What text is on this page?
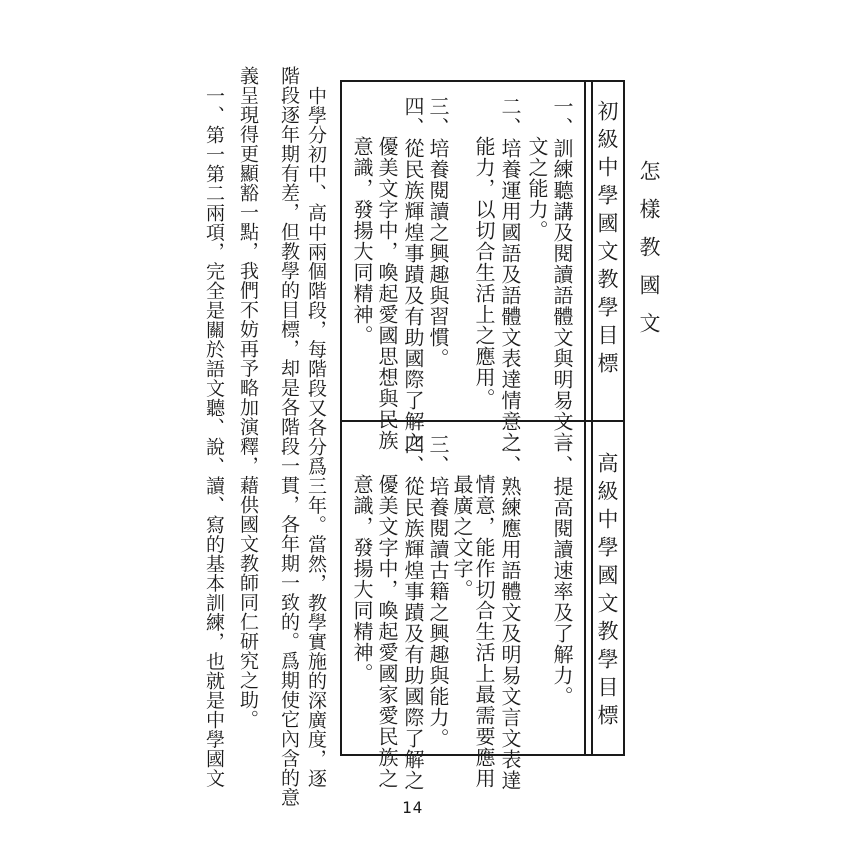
怎樣教國文
初級中學國文教學目標
一、訓練聽講及閱讀語體文與明易文言
文之能力。
二、培養運用國語及語體文表達情意之
能力，以切合生活上之應用。
三、培養閱讀之興趣與習慣。
四、從民族輝煌事蹟及有助國際了解之
優美文字中，喚起愛國思想與民族
意識，發揚大同精神。
高級中學國文教學目標
一、提高閱讀速率及了解力。
二、熟練應用語體文及明易文言文表達
情意，能作切合生活上最需要應用
最廣之文字。
三、培養閱讀古籍之興趣與能力。
四、從民族輝煌事蹟及有助國際了解之
優美文字中，喚起愛國家愛民族之
意識，發揚大同精神。
中學分初中、高中兩個階段，每階段又各分爲三年。當然，教學實施的深廣度，逐
階段逐年期有差，但教學的目標，却是各階段一貫，各年期一致的。爲期使它內含的意
義呈現得更顯豁一點，我們不妨再予略加演釋，藉供國文教師同仁研究之助。
一、第一第二兩項，完全是關於語文聽、說、讀、寫的基本訓練，也就是中學國文
14
